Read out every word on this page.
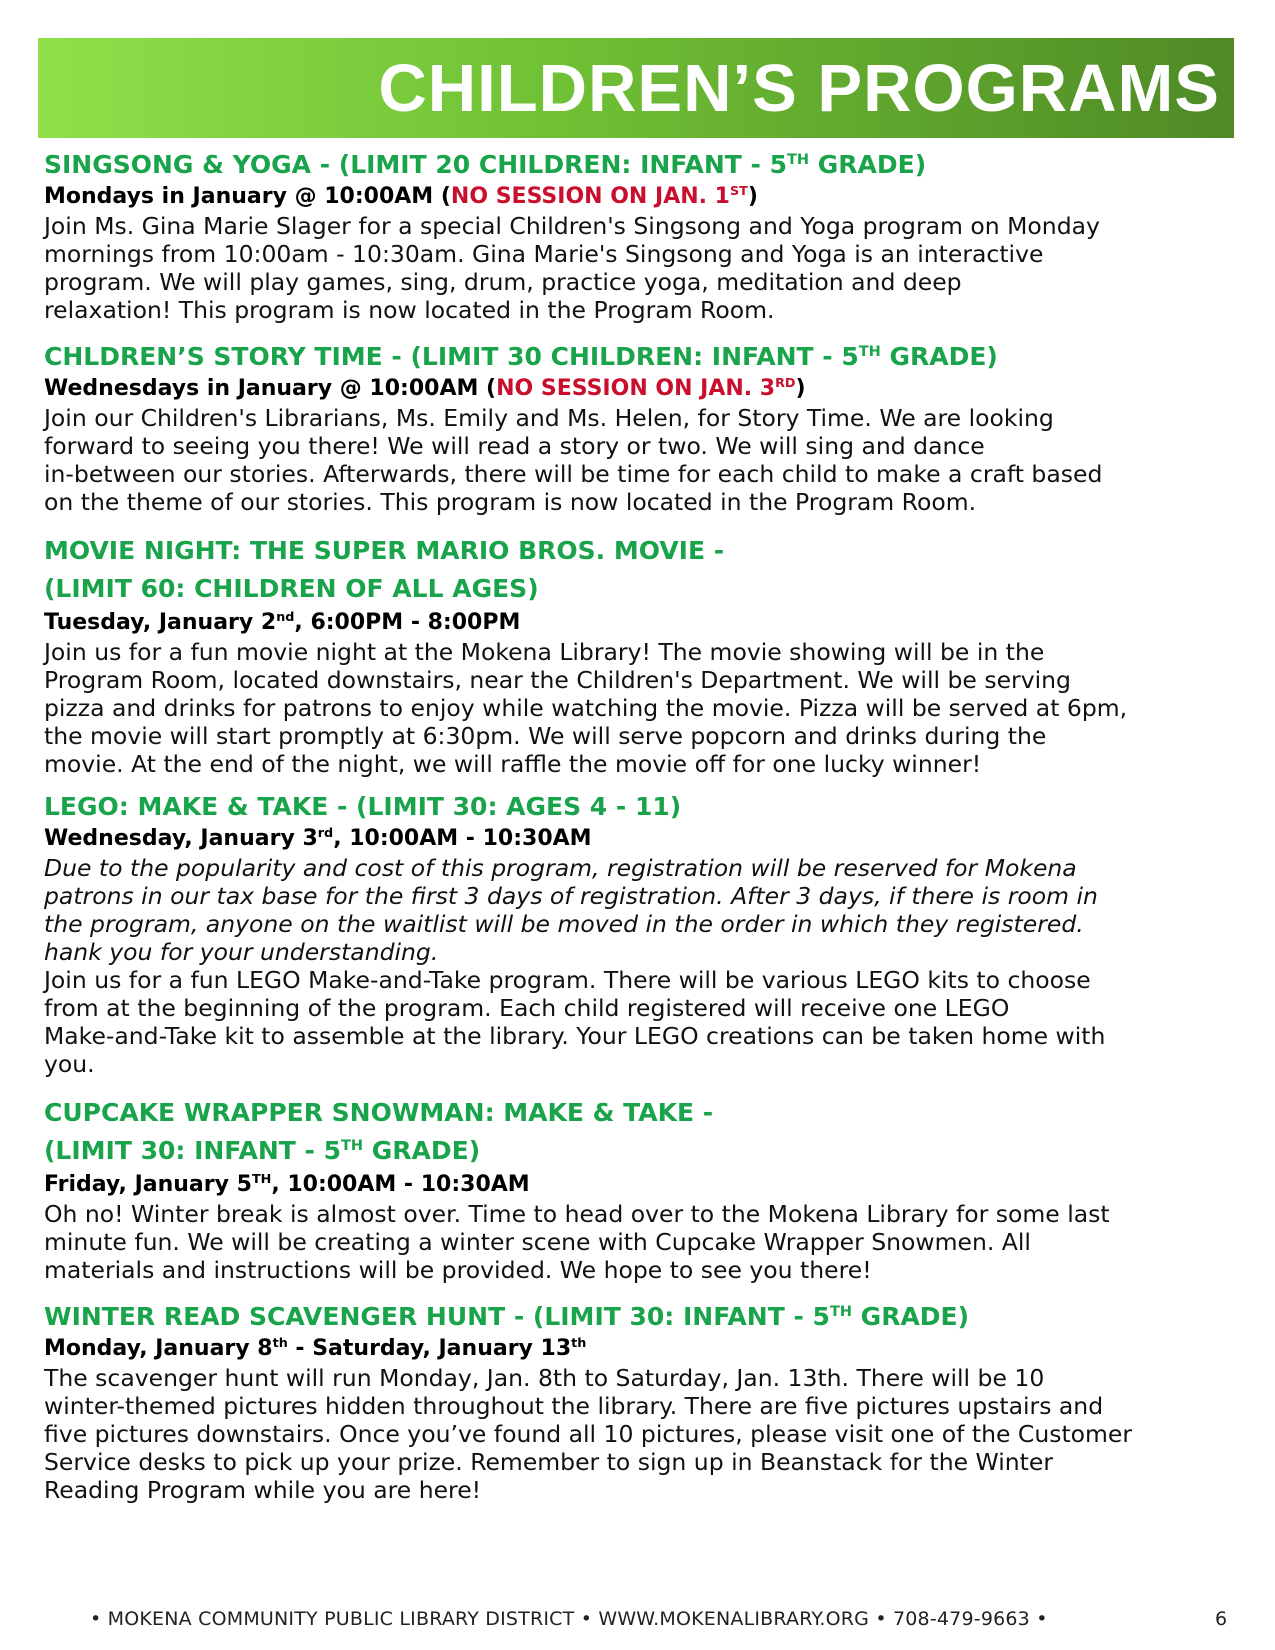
CHILDREN’S PROGRAMS
SINGSONG & YOGA - (LIMIT 20 CHILDREN: INFANT - 5TH GRADE)

Mondays in January @ 10:00AM (NO SESSION ON JAN. 1ST)

Join Ms. Gina Marie Slager for a special Children's Singsong and Yoga program on Monday
mornings from 10:00am - 10:30am. Gina Marie's Singsong and Yoga is an interactive
program. We will play games, sing, drum, practice yoga, meditation and deep
relaxation! This program is now located in the Program Room.

CHLDREN’S STORY TIME - (LIMIT 30 CHILDREN: INFANT - 5TH GRADE)

Wednesdays in January @ 10:00AM (NO SESSION ON JAN. 3RD)

Join our Children's Librarians, Ms. Emily and Ms. Helen, for Story Time. We are looking
forward to seeing you there! We will read a story or two. We will sing and dance
in-between our stories. Afterwards, there will be time for each child to make a craft based
on the theme of our stories. This program is now located in the Program Room.

MOVIE NIGHT: THE SUPER MARIO BROS. MOVIE -
(LIMIT 60: CHILDREN OF ALL AGES)

Tuesday, January 2nd, 6:00PM - 8:00PM

Join us for a fun movie night at the Mokena Library! The movie showing will be in the
Program Room, located downstairs, near the Children's Department. We will be serving
pizza and drinks for patrons to enjoy while watching the movie. Pizza will be served at 6pm,
the movie will start promptly at 6:30pm. We will serve popcorn and drinks during the
movie. At the end of the night, we will raffle the movie off for one lucky winner!

LEGO: MAKE & TAKE - (LIMIT 30: AGES 4 - 11)

Wednesday, January 3rd, 10:00AM - 10:30AM

Due to the popularity and cost of this program, registration will be reserved for Mokena
patrons in our tax base for the first 3 days of registration. After 3 days, if there is room in
the program, anyone on the waitlist will be moved in the order in which they registered.
hank you for your understanding.

Join us for a fun LEGO Make-and-Take program. There will be various LEGO kits to choose
from at the beginning of the program. Each child registered will receive one LEGO
Make-and-Take kit to assemble at the library. Your LEGO creations can be taken home with
you.

CUPCAKE WRAPPER SNOWMAN: MAKE & TAKE -
(LIMIT 30: INFANT - 5TH GRADE)

Friday, January 5TH, 10:00AM - 10:30AM

Oh no! Winter break is almost over. Time to head over to the Mokena Library for some last
minute fun. We will be creating a winter scene with Cupcake Wrapper Snowmen. All
materials and instructions will be provided. We hope to see you there!

WINTER READ SCAVENGER HUNT - (LIMIT 30: INFANT - 5TH GRADE)

Monday, January 8th - Saturday, January 13th

The scavenger hunt will run Monday, Jan. 8th to Saturday, Jan. 13th. There will be 10
winter-themed pictures hidden throughout the library. There are five pictures upstairs and
five pictures downstairs. Once you’ve found all 10 pictures, please visit one of the Customer
Service desks to pick up your prize. Remember to sign up in Beanstack for the Winter
Reading Program while you are here!

• MOKENA COMMUNITY PUBLIC LIBRARY DISTRICT • WWW.MOKENALIBRARY.ORG • 708-479-9663 •	6
